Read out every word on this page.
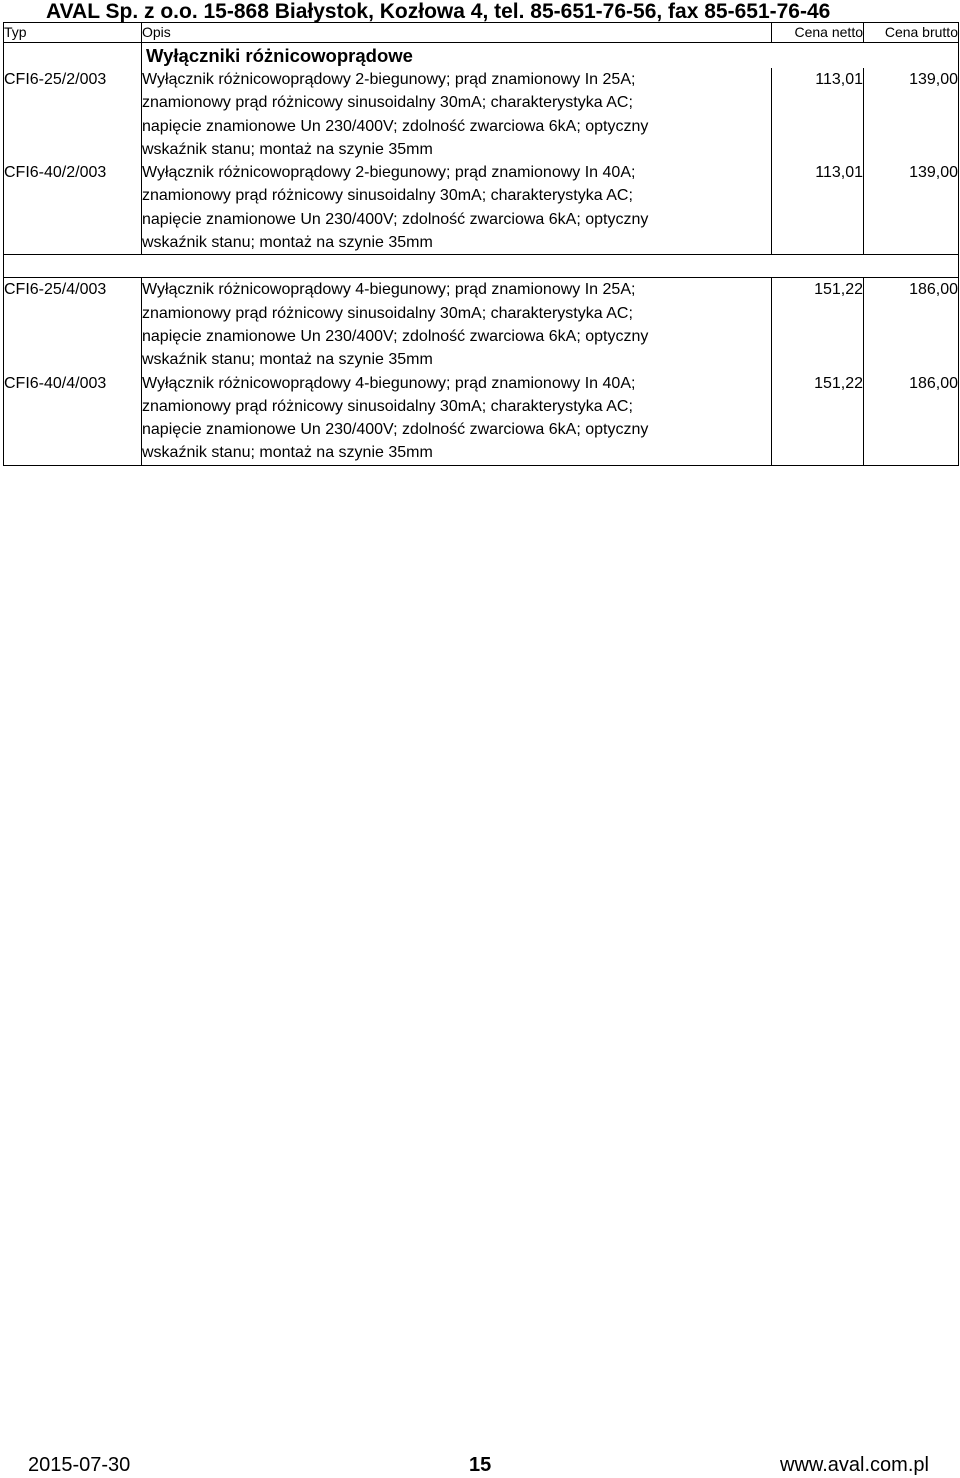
AVAL Sp. z o.o. 15-868 Białystok, Kozłowa 4, tel. 85-651-76-56, fax 85-651-76-46
Typ	Opis	Cena netto	Cena brutto
	Wyłączniki różnicowoprądowe		
CFI6-25/2/003	Wyłącznik różnicowoprądowy 2-biegunowy; prąd znamionowy In 25A;
znamionowy prąd różnicowy sinusoidalny 30mA; charakterystyka AC;
napięcie znamionowe Un 230/400V; zdolność zwarciowa 6kA; optyczny
wskaźnik stanu; montaż na szynie 35mm	113,01	139,00
CFI6-40/2/003	Wyłącznik różnicowoprądowy 2-biegunowy; prąd znamionowy In 40A;
znamionowy prąd różnicowy sinusoidalny 30mA; charakterystyka AC;
napięcie znamionowe Un 230/400V; zdolność zwarciowa 6kA; optyczny
wskaźnik stanu; montaż na szynie 35mm	113,01	139,00

CFI6-25/4/003	Wyłącznik różnicowoprądowy 4-biegunowy; prąd znamionowy In 25A;
znamionowy prąd różnicowy sinusoidalny 30mA; charakterystyka AC;
napięcie znamionowe Un 230/400V; zdolność zwarciowa 6kA; optyczny
wskaźnik stanu; montaż na szynie 35mm	151,22	186,00
CFI6-40/4/003	Wyłącznik różnicowoprądowy 4-biegunowy; prąd znamionowy In 40A;
znamionowy prąd różnicowy sinusoidalny 30mA; charakterystyka AC;
napięcie znamionowe Un 230/400V; zdolność zwarciowa 6kA; optyczny
wskaźnik stanu; montaż na szynie 35mm	151,22	186,00
2015-07-30	15	www.aval.com.pl
